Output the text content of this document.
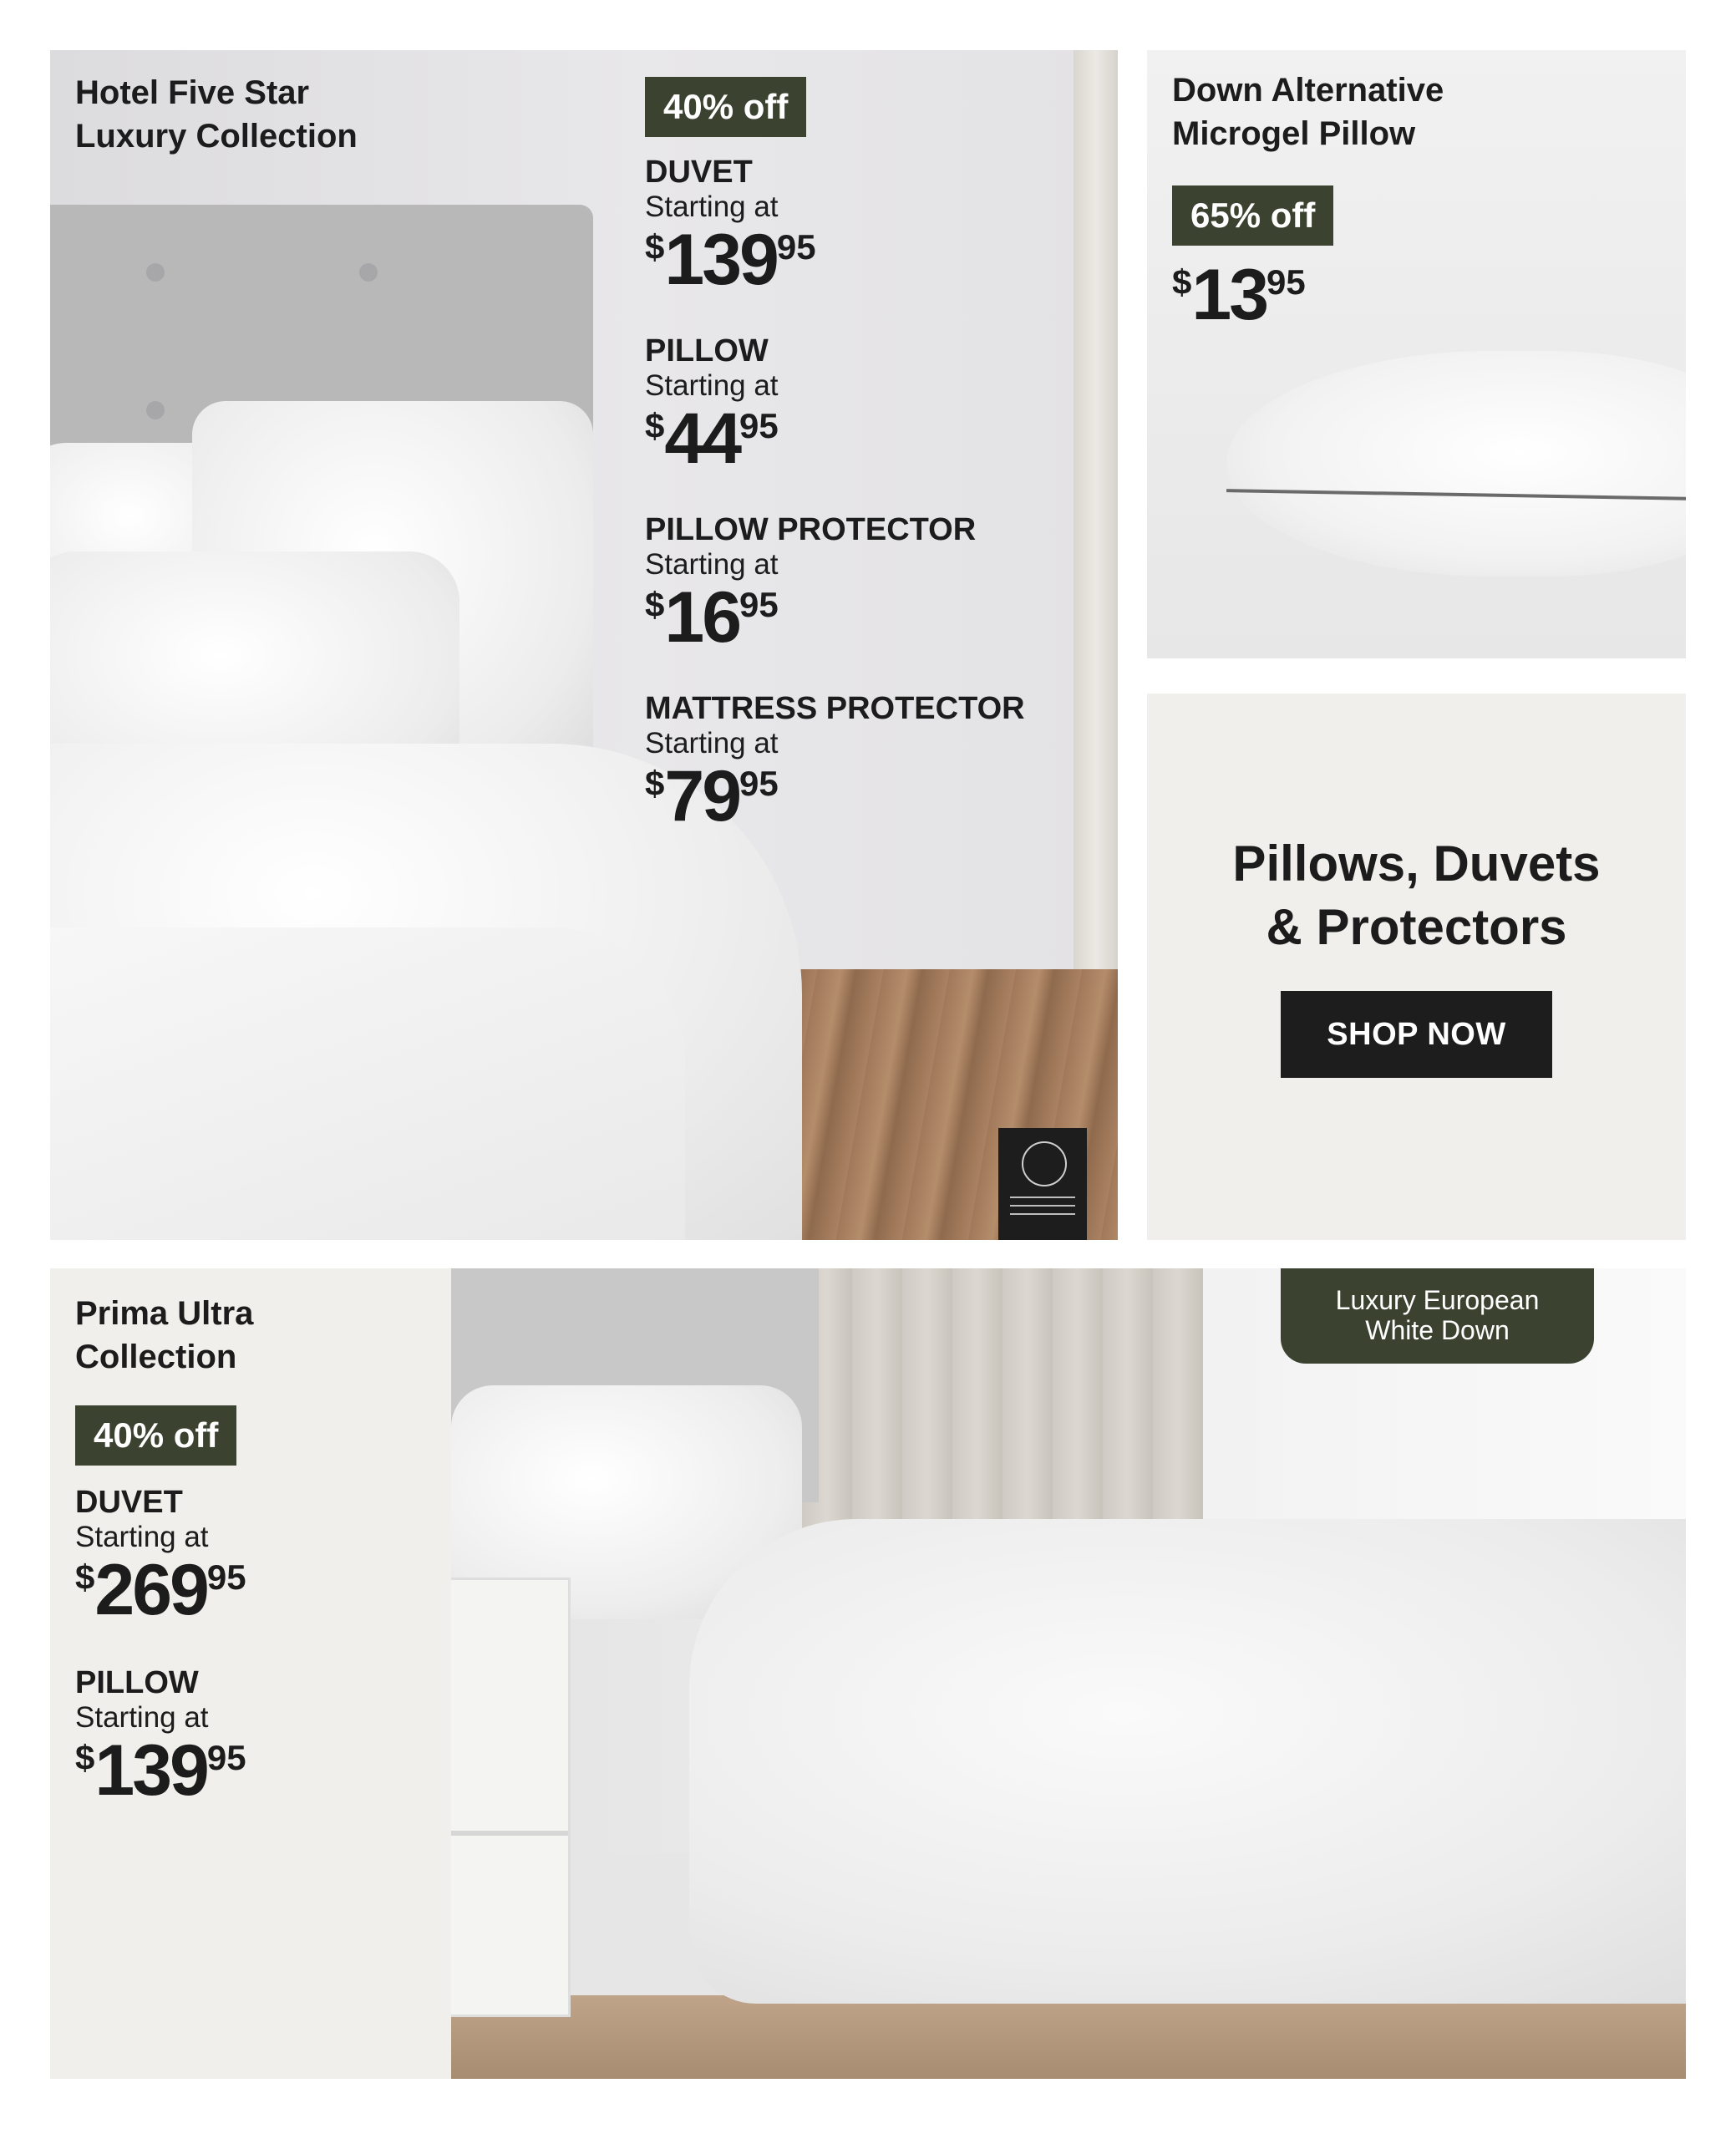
Hotel Five Star
Luxury Collection
40% off
DUVET
Starting at
$13995
PILLOW
Starting at
$4495
PILLOW PROTECTOR
Starting at
$1695
MATTRESS PROTECTOR
Starting at
$7995
Down Alternative
Microgel Pillow
65% off
$1395
Pillows, Duvets
& Protectors
SHOP NOW
Prima Ultra
Collection
40% off
DUVET
Starting at
$26995
PILLOW
Starting at
$13995
Luxury European
White Down
